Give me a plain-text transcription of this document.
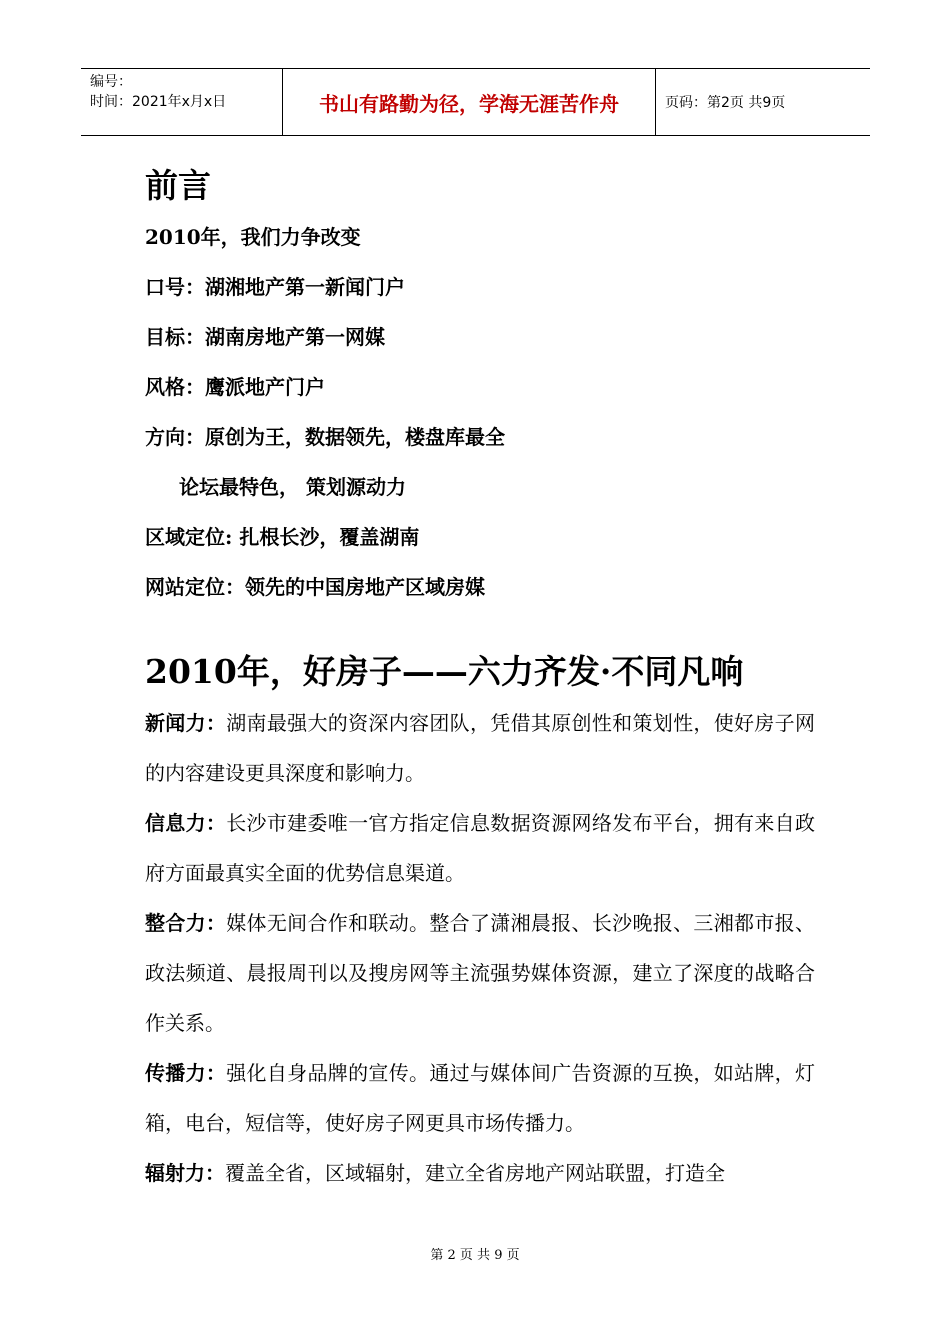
编号：
时间：2021年x月x日	书山有路勤为径，学海无涯苦作舟	页码：第2页 共9页
前言
2010年，我们力争改变
口号：湖湘地产第一新闻门户
目标：湖南房地产第一网媒
风格：鹰派地产门户
方向：原创为王，数据领先，楼盘库最全
论坛最特色， 策划源动力
区域定位: 扎根长沙，覆盖湖南
网站定位：领先的中国房地产区域房媒
2010年，好房子——六力齐发·不同凡响
新闻力：湖南最强大的资深内容团队，凭借其原创性和策划性，使好房子网的内容建设更具深度和影响力。
信息力：长沙市建委唯一官方指定信息数据资源网络发布平台，拥有来自政府方面最真实全面的优势信息渠道。
整合力：媒体无间合作和联动。整合了潇湘晨报、长沙晚报、三湘都市报、政法频道、晨报周刊以及搜房网等主流强势媒体资源，建立了深度的战略合作关系。
传播力：强化自身品牌的宣传。通过与媒体间广告资源的互换，如站牌，灯箱，电台，短信等，使好房子网更具市场传播力。
辐射力：覆盖全省，区域辐射，建立全省房地产网站联盟，打造全
第 2 页 共 9 页
